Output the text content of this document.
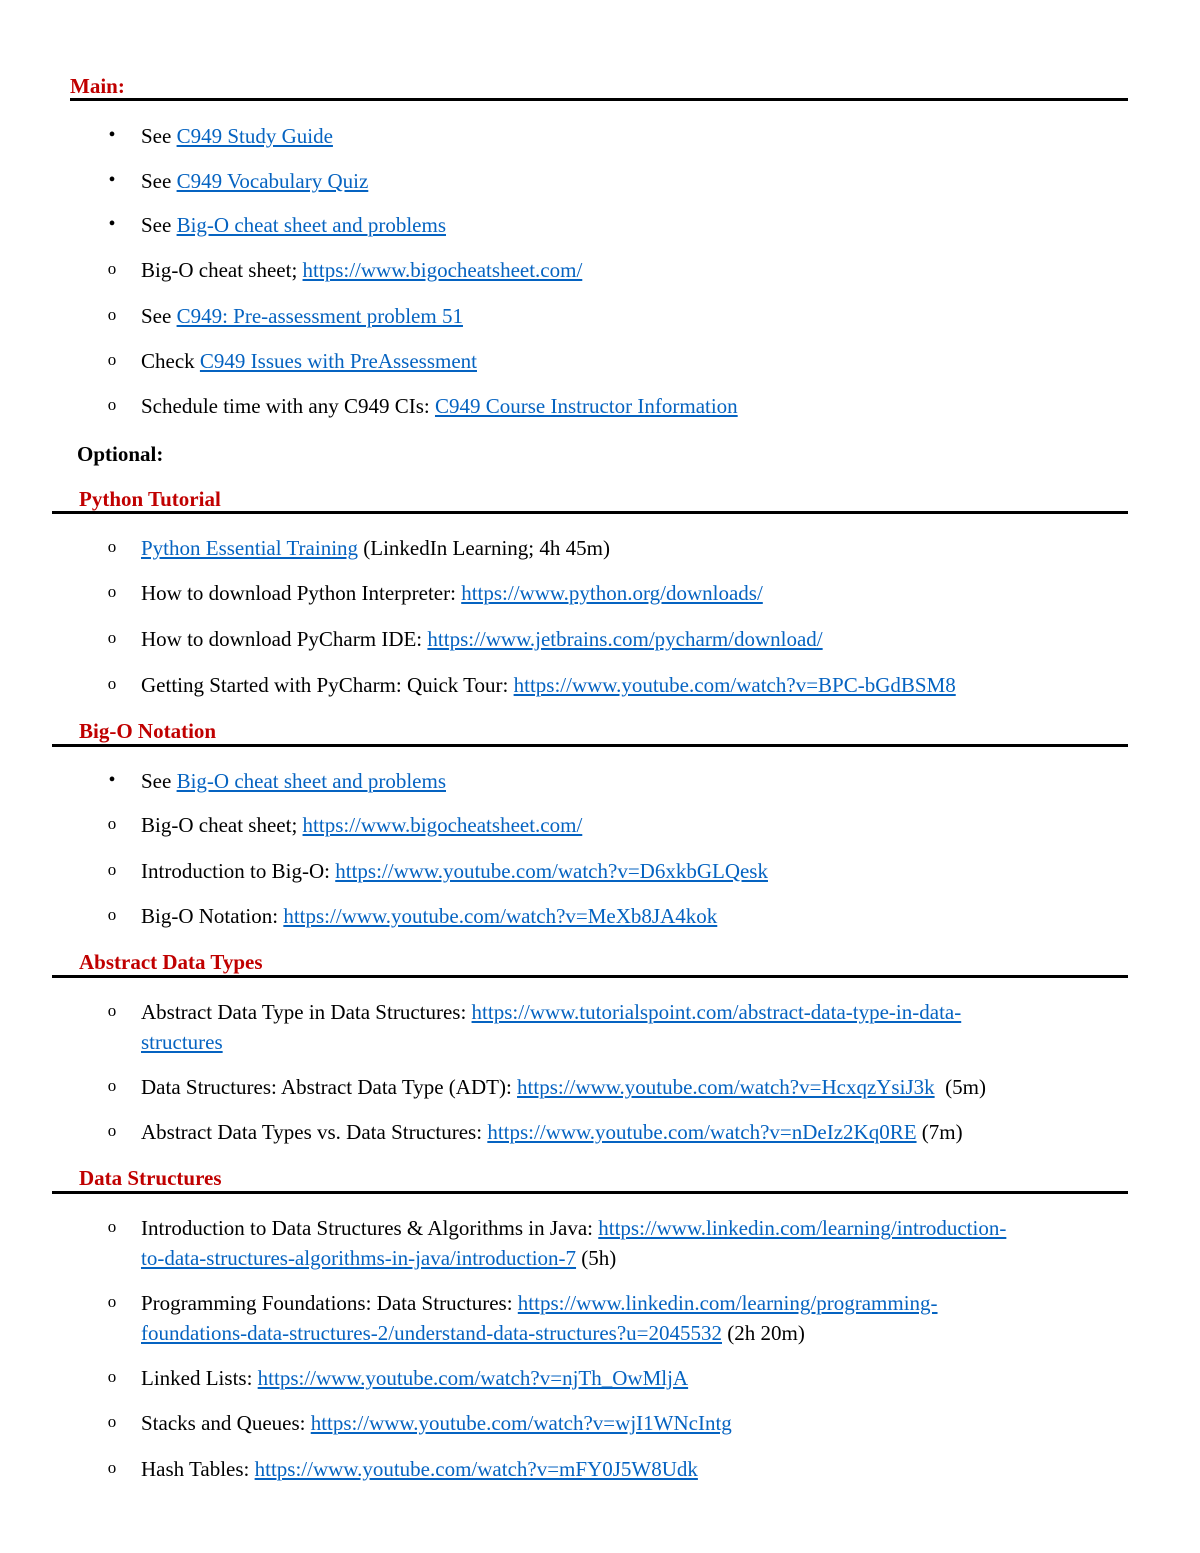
Main:
• See C949 Study Guide
• See C949 Vocabulary Quiz
• See Big-O cheat sheet and problems
o Big-O cheat sheet; https://www.bigocheatsheet.com/
o See C949: Pre-assessment problem 51
o Check C949 Issues with PreAssessment
o Schedule time with any C949 CIs: C949 Course Instructor Information
Optional:
Python Tutorial
o Python Essential Training (LinkedIn Learning; 4h 45m)
o How to download Python Interpreter: https://www.python.org/downloads/
o How to download PyCharm IDE: https://www.jetbrains.com/pycharm/download/
o Getting Started with PyCharm: Quick Tour: https://www.youtube.com/watch?v=BPC-bGdBSM8
Big-O Notation
• See Big-O cheat sheet and problems
o Big-O cheat sheet; https://www.bigocheatsheet.com/
o Introduction to Big-O: https://www.youtube.com/watch?v=D6xkbGLQesk
o Big-O Notation: https://www.youtube.com/watch?v=MeXb8JA4kok
Abstract Data Types
o Abstract Data Type in Data Structures: https://www.tutorialspoint.com/abstract-data-type-in-data-
structures
o Data Structures: Abstract Data Type (ADT): https://www.youtube.com/watch?v=HcxqzYsiJ3k  (5m)
o Abstract Data Types vs. Data Structures: https://www.youtube.com/watch?v=nDeIz2Kq0RE (7m)
Data Structures
o Introduction to Data Structures & Algorithms in Java: https://www.linkedin.com/learning/introduction-
to-data-structures-algorithms-in-java/introduction-7 (5h)
o Programming Foundations: Data Structures: https://www.linkedin.com/learning/programming-
foundations-data-structures-2/understand-data-structures?u=2045532 (2h 20m)
o Linked Lists: https://www.youtube.com/watch?v=njTh_OwMljA
o Stacks and Queues: https://www.youtube.com/watch?v=wjI1WNcIntg
o Hash Tables: https://www.youtube.com/watch?v=mFY0J5W8Udk
